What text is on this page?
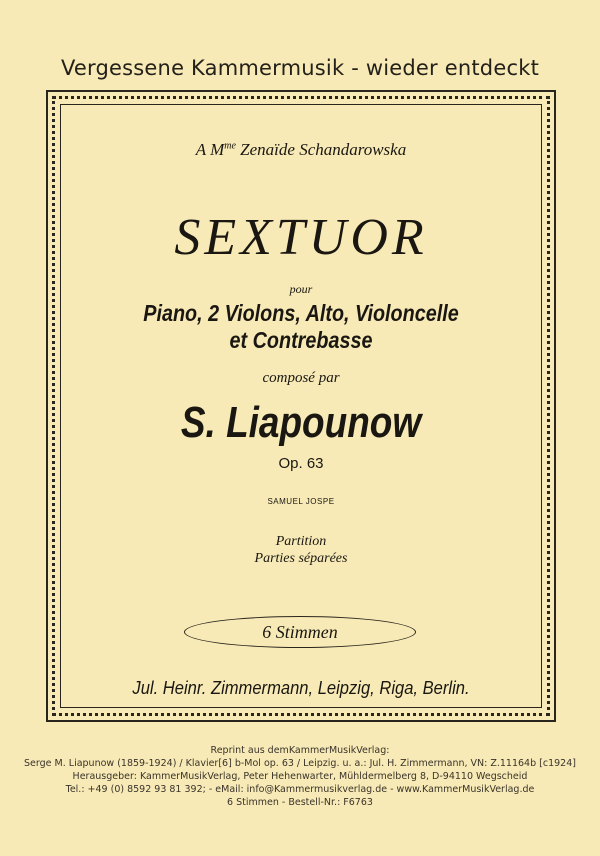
Vergessene Kammermusik - wieder entdeckt
A $M^{me}$ Zenaïde Schandarowska
SEXTUOR
pour
Piano, 2 Violons, Alto, Violoncelle
et Contrebasse
composé par
S. Liapounow
Op. 63
SAMUEL JOSPE
Partition
Parties séparées
6 Stimmen
Jul. Heinr. Zimmermann, Leipzig, Riga, Berlin.
Reprint aus demKammerMusikVerlag:
Serge M. Liapunow (1859-1924) / Klavier[6] b-Mol op. 63 / Leipzig. u. a.: Jul. H. Zimmermann, VN: Z.11164b [c1924]
Herausgeber: KammerMusikVerlag, Peter Hehenwarter, Mühldermelberg 8, D-94110 Wegscheid
Tel.: +49 (0) 8592 93 81 392; - eMail: info@Kammermusikverlag.de - www.KammerMusikVerlag.de
6 Stimmen - Bestell-Nr.: F6763
